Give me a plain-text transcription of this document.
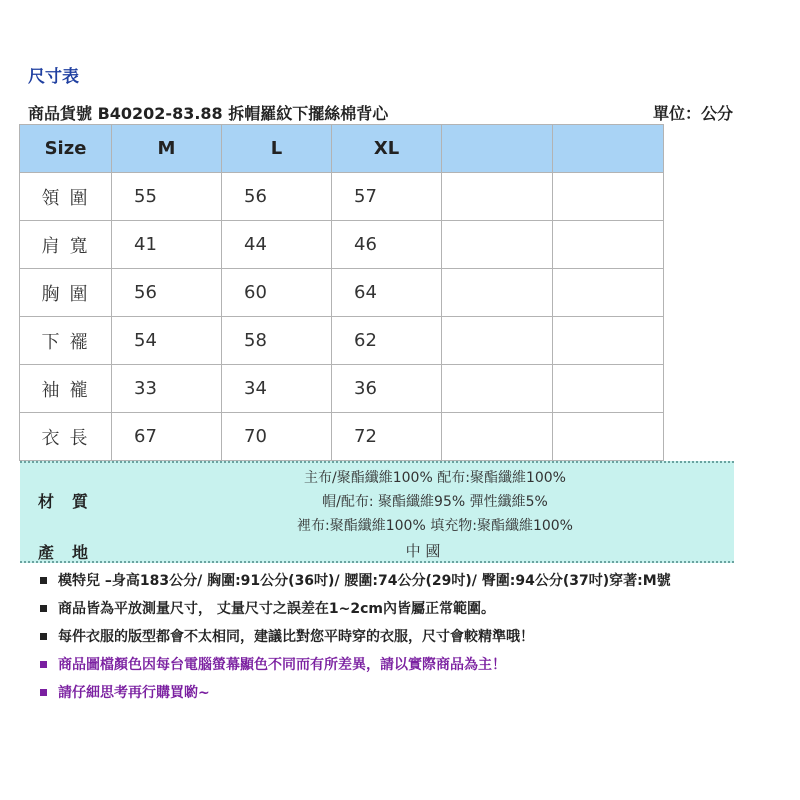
尺寸表
商品貨號 B40202-83.88 拆帽羅紋下擺絲棉背心	單位：公分
Size	M	L	XL		
領圍	55	56	57		
肩寬	41	44	46		
胸圍	56	60	64		
下襬	54	58	62		
袖襱	33	34	36		
衣長	67	70	72		
材質
主布/聚酯纖維100% 配布:聚酯纖維100%
帽/配布: 聚酯纖維95% 彈性纖維5%
裡布:聚酯纖維100% 填充物:聚酯纖維100%
產地	中 國
模特兒 –身高183公分/ 胸圍:91公分(36吋)/ 腰圍:74公分(29吋)/ 臀圍:94公分(37吋)穿著:M號
商品皆為平放測量尺寸， 丈量尺寸之誤差在1~2cm內皆屬正常範圍。
每件衣服的版型都會不太相同，建議比對您平時穿的衣服，尺寸會較精準哦！
商品圖檔顏色因每台電腦螢幕顯色不同而有所差異，請以實際商品為主！
請仔細思考再行購買喲~
